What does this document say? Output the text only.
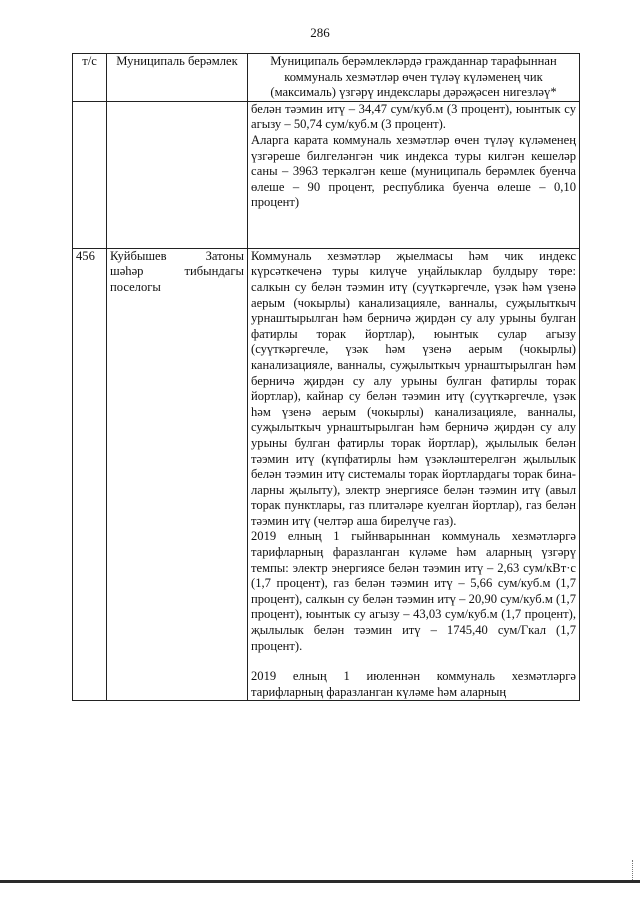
286
т/с	Муниципаль берәмлек	Муниципаль берәмлекләрдә гражданнар тарафыннан коммуналь хезмәтләр өчен түләү күләменең чик (максималь) үзгәрү индекслары дәрәҗәсен нигезләү*

		белән тәэмин итү – 34,47 сум/куб.м (3 процент), юынтык су агызу – 50,74 сум/куб.м (3 процент).

Аларга карата коммуналь хезмәтләр өчен түләү күләменең үзгәреше билгеләнгән чик индекса туры килгән кешеләр саны – 3963 теркәлгән кеше (муниципаль берәмлек буенча өлеше – 90 процент, республика буенча өлеше – 0,10 процент)

456	Куйбышев Затоны шәһәр тибындагы поселогы	Коммуналь хезмәтләр җыелмасы һәм чик индекс күрсәткеченә туры килүче уңайлыклар булдыру төре: салкын су белән тәэмин итү (суүткәргечле, үзәк һәм үзенә аерым (чокырлы) канализацияле, ванналы, суҗылыткыч урнаштырылган һәм берничә җирдән су алу урыны булган фатирлы торак йортлар), юынтык сулар агызу (суүткәргечле, үзәк һәм үзенә аерым (чокырлы) канализацияле, ванналы, суҗылыткыч урнаштырылган һәм берничә җирдән су алу урыны булган фатирлы торак йортлар), кайнар су белән тәэмин итү (суүткәргечле, үзәк һәм үзенә аерым (чокырлы) канализацияле, ванналы, суҗылыткыч урнаштырылган һәм берничә җирдән су алу урыны булган фатирлы торак йортлар), җылылык белән тәэмин итү (күпфатирлы һәм үзәкләштерелгән җылылык белән тәэмин итү системалы торак йортлардагы торак биналарны җылыту), электр энергиясе белән тәэмин итү (авыл торак пунктлары, газ плитәләре куелган йортлар), газ белән тәэмин итү (челтәр аша бирелүче газ).

2019 елның 1 гыйнварыннан коммуналь хезмәтләргә тарифларның фаразланган күләме һәм аларның үзгәрү темпы: электр энергиясе белән тәэмин итү – 2,63 сум/кВт·с (1,7 процент), газ белән тәэмин итү – 5,66 сум/куб.м (1,7 процент), салкын су белән тәэмин итү – 20,90 сум/куб.м (1,7 процент), юынтык су агызу – 43,03 сум/куб.м (1,7 процент), җылылык белән тәэмин итү – 1745,40 сум/Гкал (1,7 процент).

2019 елның 1 июленнән коммуналь хезмәтләргә тарифларның фаразланган күләме һәм аларның
